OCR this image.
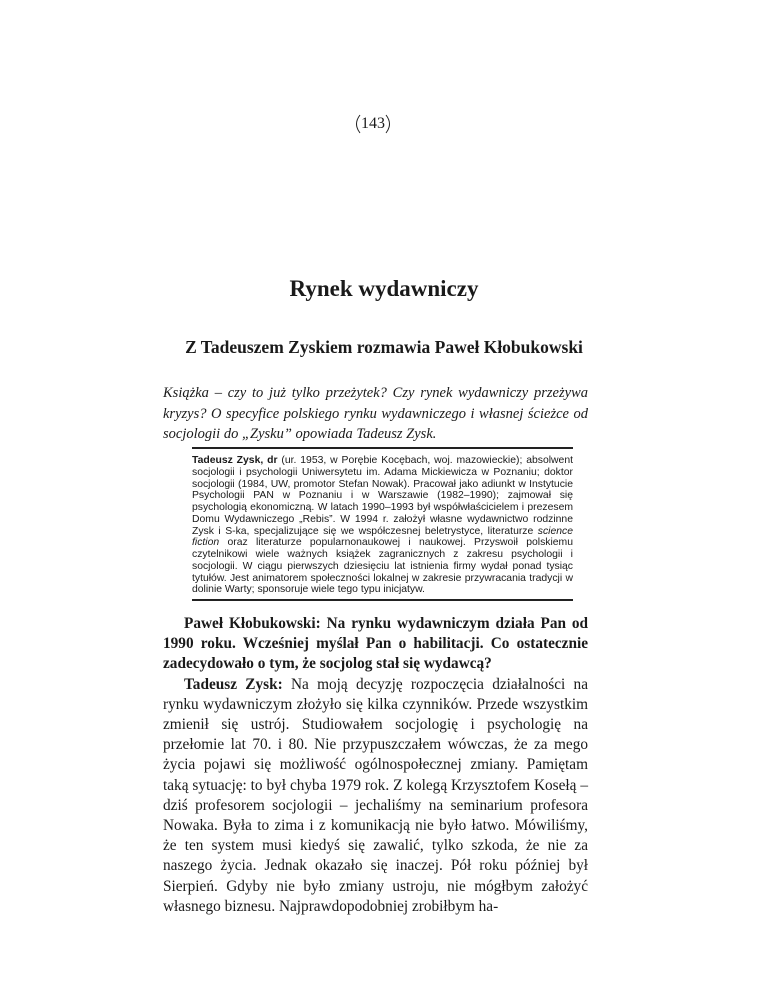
143
Rynek wydawniczy
Z Tadeuszem Zyskiem rozmawia Paweł Kłobukowski

Książka – czy to już tylko przeżytek? Czy rynek wydawniczy przeżywa kryzys? O specyfice polskiego rynku wydawniczego i własnej ścieżce od socjologii do „Zysku” opowiada Tadeusz Zysk.

Tadeusz Zysk, dr (ur. 1953, w Porębie Kocębach, woj. mazowieckie); absolwent socjologii i psychologii Uniwersytetu im. Adama Mickiewicza w Poznaniu; doktor socjologii (1984, UW, promotor Stefan Nowak). Pracował jako adiunkt w Instytucie Psychologii PAN w Poznaniu i w Warszawie (1982–1990); zajmował się psychologią ekonomiczną. W latach 1990–1993 był współwłaścicielem i prezesem Domu Wydawniczego „Rebis”. W 1994 r. założył własne wydawnictwo rodzinne Zysk i S-ka, specjalizujące się we współczesnej beletrystyce, literaturze science fiction oraz literaturze popularnonaukowej i naukowej. Przyswoił polskiemu czytelnikowi wiele ważnych książek zagranicznych z zakresu psychologii i socjologii. W ciągu pierwszych dziesięciu lat istnienia firmy wydał ponad tysiąc tytułów. Jest animatorem społeczności lokalnej w zakresie przywracania tradycji w dolinie Warty; sponsoruje wiele tego typu inicjatyw.

Paweł Kłobukowski: Na rynku wydawniczym działa Pan od 1990 roku. Wcześniej myślał Pan o habilitacji. Co ostatecznie zadecydowało o tym, że socjolog stał się wydawcą?

Tadeusz Zysk: Na moją decyzję rozpoczęcia działalności na rynku wydawniczym złożyło się kilka czynników. Przede wszystkim zmienił się ustrój. Studiowałem socjologię i psychologię na przełomie lat 70. i 80. Nie przypuszczałem wówczas, że za mego życia pojawi się możliwość ogólnospołecznej zmiany. Pamiętam taką sytuację: to był chyba 1979 rok. Z kolegą Krzysztofem Kosełą – dziś profesorem socjologii – jechaliśmy na seminarium profesora Nowaka. Była to zima i z komunikacją nie było łatwo. Mówiliśmy, że ten system musi kiedyś się zawalić, tylko szkoda, że nie za naszego życia. Jednak okazało się inaczej. Pół roku później był Sierpień. Gdyby nie było zmiany ustroju, nie mógłbym założyć własnego biznesu. Najprawdopodobniej zrobiłbym ha-
